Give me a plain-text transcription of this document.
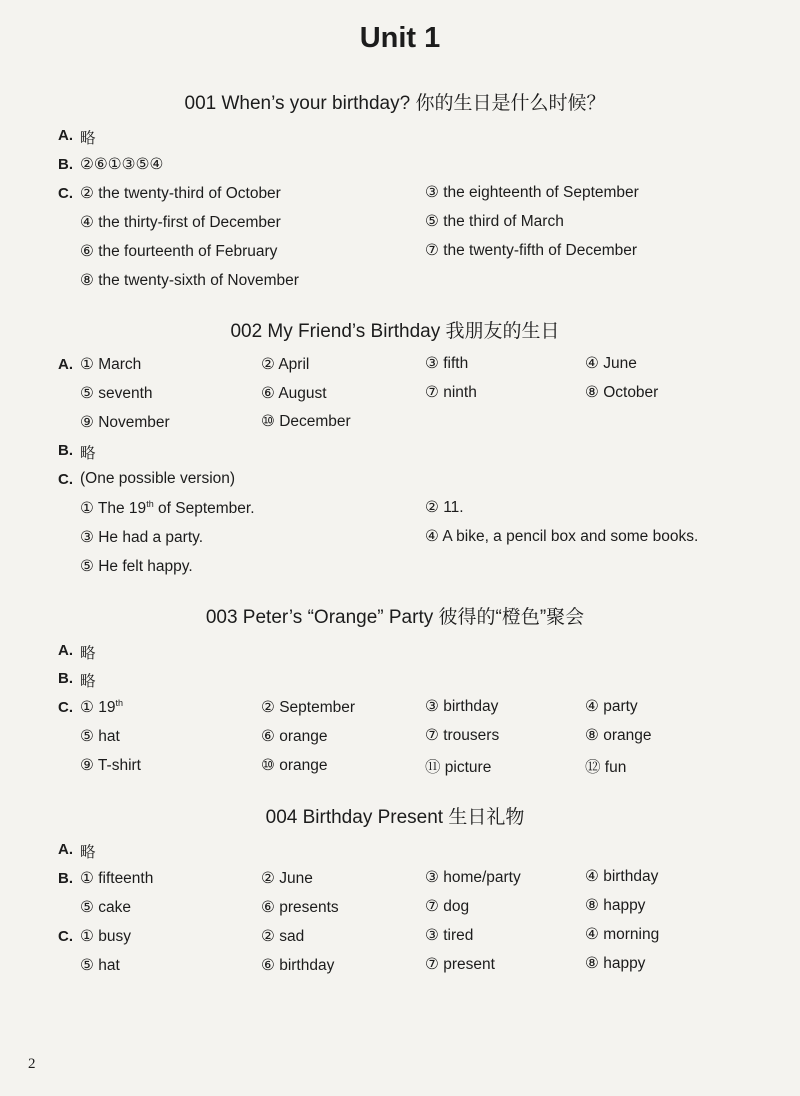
Unit 1
001 When’s your birthday? 你的生日是什么时候？
A. 略
B. ②⑥①③⑤④
C. ② the twenty-third of October	③ the eighteenth of September
④ the thirty-first of December	⑤ the third of March
⑥ the fourteenth of February	⑦ the twenty-fifth of December
⑧ the twenty-sixth of November
002 My Friend’s Birthday 我朋友的生日
A. ① March	② April	③ fifth	④ June
⑤ seventh	⑥ August	⑦ ninth	⑧ October
⑨ November	⑩ December
B. 略
C. (One possible version)
① The 19th of September.	② 11.
③ He had a party.	④ A bike, a pencil box and some books.
⑤ He felt happy.
003 Peter’s “Orange” Party 彼得的“橙色”聚会
A. 略
B. 略
C. ① 19th	② September	③ birthday	④ party
⑤ hat	⑥ orange	⑦ trousers	⑧ orange
⑨ T-shirt	⑩ orange	⑪ picture	⑫ fun
004 Birthday Present 生日礼物
A. 略
B. ① fifteenth	② June	③ home/party	④ birthday
⑤ cake	⑥ presents	⑦ dog	⑧ happy
C. ① busy	② sad	③ tired	④ morning
⑤ hat	⑥ birthday	⑦ present	⑧ happy
2
